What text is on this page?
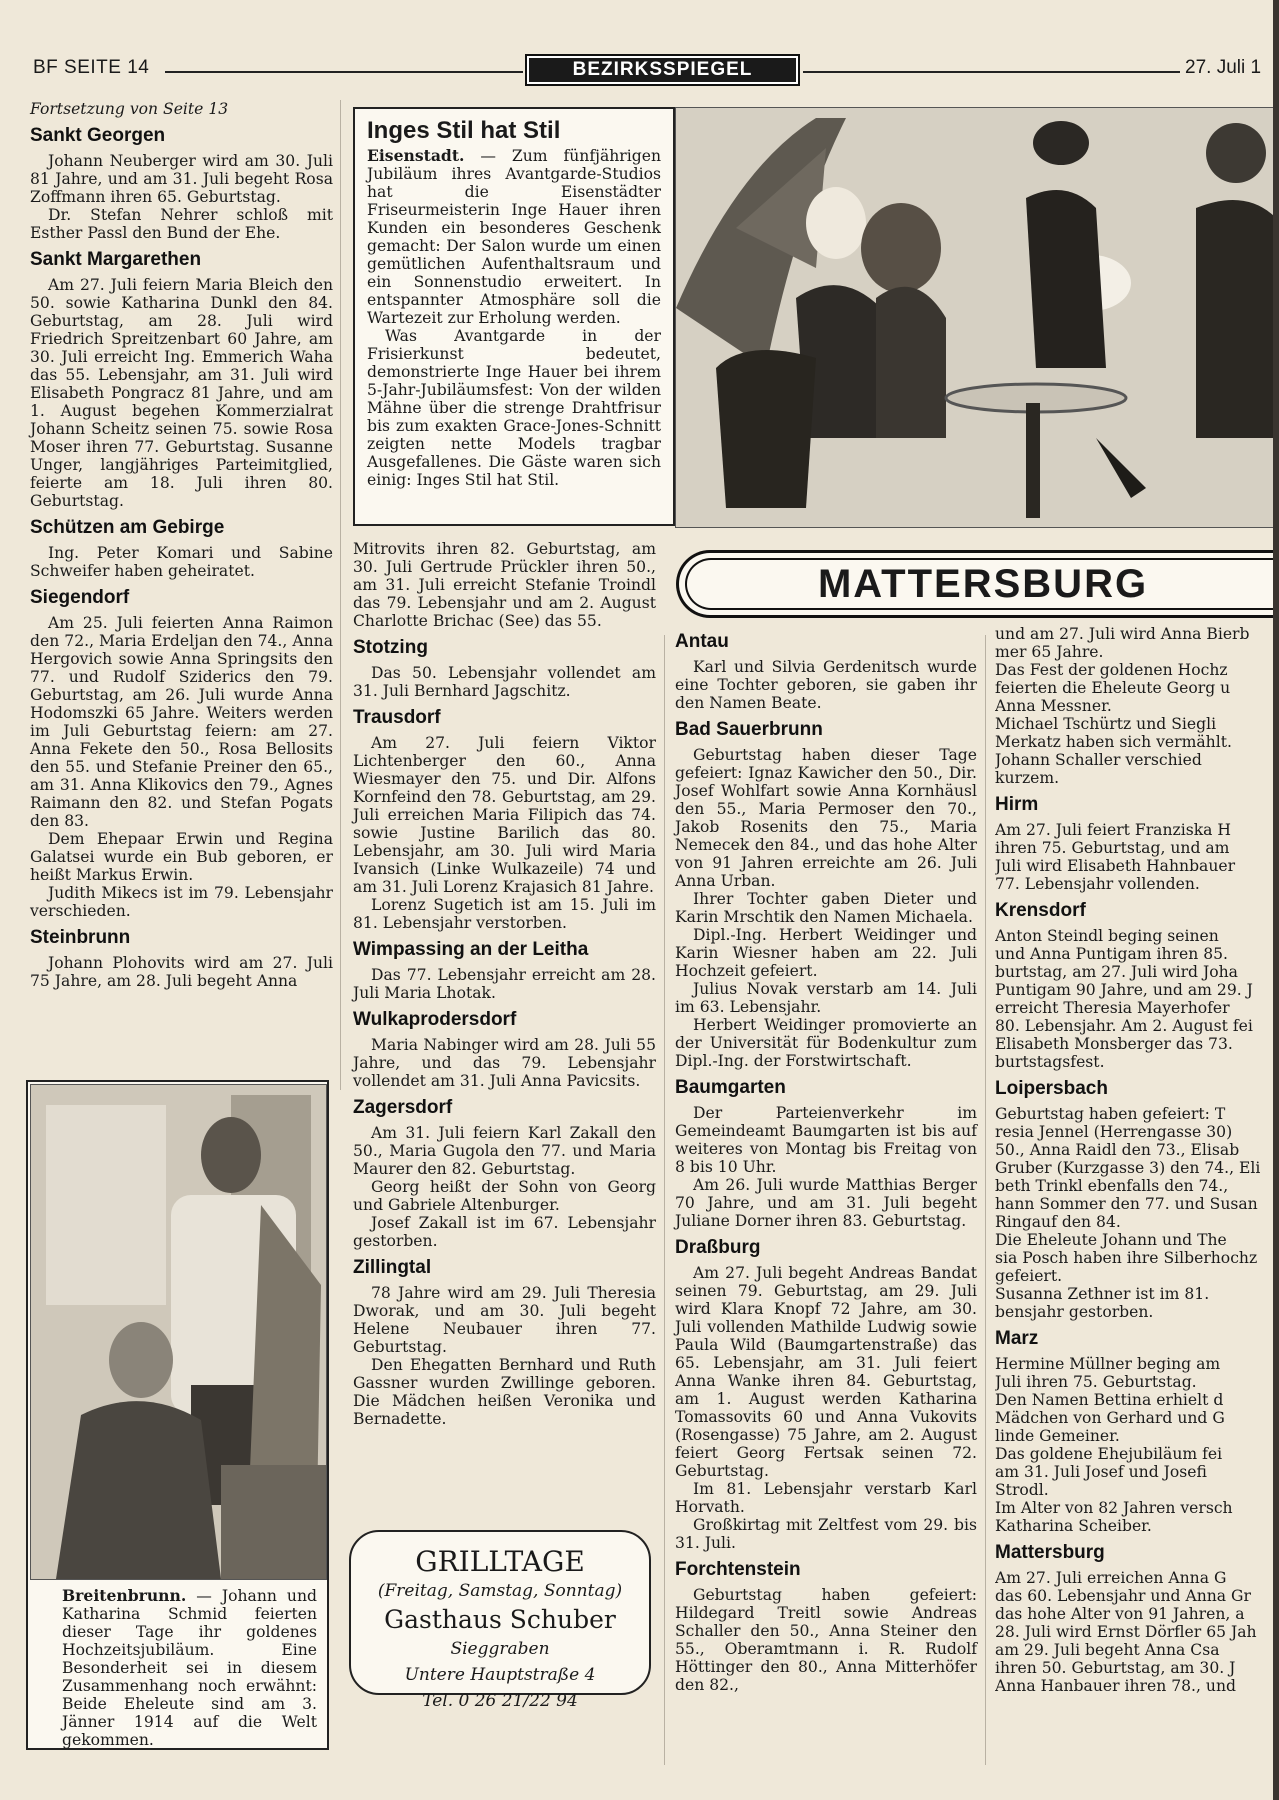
BF SEITE 14	BEZIRKSSPIEGEL	27. Juli 1

Fortsetzung von Seite 13

Sankt Georgen

Johann Neuberger wird am 30. Juli 81 Jahre, und am 31. Juli begeht Rosa Zoffmann ihren 65. Geburtstag.

Dr. Stefan Nehrer schloß mit Esther Passl den Bund der Ehe.

Sankt Margarethen

Am 27. Juli feiern Maria Bleich den 50. sowie Katharina Dunkl den 84. Geburtstag, am 28. Juli wird Friedrich Spreitzenbart 60 Jahre, am 30. Juli erreicht Ing. Emmerich Waha das 55. Lebensjahr, am 31. Juli wird Elisabeth Pongracz 81 Jahre, und am 1. August begehen Kommerzialrat Johann Scheitz seinen 75. sowie Rosa Moser ihren 77. Geburtstag. Susanne Unger, langjähriges Parteimitglied, feierte am 18. Juli ihren 80. Geburtstag.

Schützen am Gebirge

Ing. Peter Komari und Sabine Schweifer haben geheiratet.

Siegendorf

Am 25. Juli feierten Anna Raimon den 72., Maria Erdeljan den 74., Anna Hergovich sowie Anna Springsits den 77. und Rudolf Sziderics den 79. Geburtstag, am 26. Juli wurde Anna Hodomszki 65 Jahre. Weiters werden im Juli Geburtstag feiern: am 27. Anna Fekete den 50., Rosa Bellosits den 55. und Stefanie Preiner den 65., am 31. Anna Klikovics den 79., Agnes Raimann den 82. und Stefan Pogats den 83.

Dem Ehepaar Erwin und Regina Galatsei wurde ein Bub geboren, er heißt Markus Erwin.

Judith Mikecs ist im 79. Lebensjahr verschieden.

Steinbrunn

Johann Plohovits wird am 27. Juli 75 Jahre, am 28. Juli begeht Anna

Breitenbrunn. — Johann und Katharina Schmid feierten dieser Tage ihr goldenes Hochzeitsjubiläum. Eine Besonderheit sei in diesem Zusammenhang noch erwähnt: Beide Eheleute sind am 3. Jänner 1914 auf die Welt gekommen.
Inges Stil hat Stil

Eisenstadt. — Zum fünfjährigen Jubiläum ihres Avantgarde-Studios hat die Eisenstädter Friseurmeisterin Inge Hauer ihren Kunden ein besonderes Geschenk gemacht: Der Salon wurde um einen gemütlichen Aufenthaltsraum und ein Sonnenstudio erweitert. In entspannter Atmosphäre soll die Wartezeit zur Erholung werden.

Was Avantgarde in der Frisierkunst bedeutet, demonstrierte Inge Hauer bei ihrem 5-Jahr-Jubiläumsfest: Von der wilden Mähne über die strenge Drahtfrisur bis zum exakten Grace-Jones-Schnitt zeigten nette Models tragbar Ausgefallenes. Die Gäste waren sich einig: Inges Stil hat Stil.

Mitrovits ihren 82. Geburtstag, am 30. Juli Gertrude Prückler ihren 50., am 31. Juli erreicht Stefanie Troindl das 79. Lebensjahr und am 2. August Charlotte Brichac (See) das 55.

Stotzing

Das 50. Lebensjahr vollendet am 31. Juli Bernhard Jagschitz.

Trausdorf

Am 27. Juli feiern Viktor Lichtenberger den 60., Anna Wiesmayer den 75. und Dir. Alfons Kornfeind den 78. Geburtstag, am 29. Juli erreichen Maria Filipich das 74. sowie Justine Barilich das 80. Lebensjahr, am 30. Juli wird Maria Ivansich (Linke Wulkazeile) 74 und am 31. Juli Lorenz Krajasich 81 Jahre.

Lorenz Sugetich ist am 15. Juli im 81. Lebensjahr verstorben.

Wimpassing an der Leitha

Das 77. Lebensjahr erreicht am 28. Juli Maria Lhotak.

Wulkaprodersdorf

Maria Nabinger wird am 28. Juli 55 Jahre, und das 79. Lebensjahr vollendet am 31. Juli Anna Pavicsits.

Zagersdorf

Am 31. Juli feiern Karl Zakall den 50., Maria Gugola den 77. und Maria Maurer den 82. Geburtstag.

Georg heißt der Sohn von Georg und Gabriele Altenburger.

Josef Zakall ist im 67. Lebensjahr gestorben.

Zillingtal

78 Jahre wird am 29. Juli Theresia Dworak, und am 30. Juli begeht Helene Neubauer ihren 77. Geburtstag.

Den Ehegatten Bernhard und Ruth Gassner wurden Zwillinge geboren. Die Mädchen heißen Veronika und Bernadette.

GRILLTAGE
(Freitag, Samstag, Sonntag)
Gasthaus Schuber
Sieggraben
Untere Hauptstraße 4
Tel. 0 26 21/22 94
MATTERSBURG
Antau

Karl und Silvia Gerdenitsch wurde eine Tochter geboren, sie gaben ihr den Namen Beate.

Bad Sauerbrunn

Geburtstag haben dieser Tage gefeiert: Ignaz Kawicher den 50., Dir. Josef Wohlfart sowie Anna Kornhäusl den 55., Maria Permoser den 70., Jakob Rosenits den 75., Maria Nemecek den 84., und das hohe Alter von 91 Jahren erreichte am 26. Juli Anna Urban.

Ihrer Tochter gaben Dieter und Karin Mrschtik den Namen Michaela.

Dipl.-Ing. Herbert Weidinger und Karin Wiesner haben am 22. Juli Hochzeit gefeiert.

Julius Novak verstarb am 14. Juli im 63. Lebensjahr.

Herbert Weidinger promovierte an der Universität für Bodenkultur zum Dipl.-Ing. der Forstwirtschaft.

Baumgarten

Der Parteienverkehr im Gemeindeamt Baumgarten ist bis auf weiteres von Montag bis Freitag von 8 bis 10 Uhr.

Am 26. Juli wurde Matthias Berger 70 Jahre, und am 31. Juli begeht Juliane Dorner ihren 83. Geburtstag.

Draßburg

Am 27. Juli begeht Andreas Bandat seinen 79. Geburtstag, am 29. Juli wird Klara Knopf 72 Jahre, am 30. Juli vollenden Mathilde Ludwig sowie Paula Wild (Baumgartenstraße) das 65. Lebensjahr, am 31. Juli feiert Anna Wanke ihren 84. Geburtstag, am 1. August werden Katharina Tomassovits 60 und Anna Vukovits (Rosengasse) 75 Jahre, am 2. August feiert Georg Fertsak seinen 72. Geburtstag.

Im 81. Lebensjahr verstarb Karl Horvath.

Großkirtag mit Zeltfest vom 29. bis 31. Juli.

Forchtenstein

Geburtstag haben gefeiert: Hildegard Treitl sowie Andreas Schaller den 50., Anna Steiner den 55., Oberamtmann i. R. Rudolf Höttinger den 80., Anna Mitterhöfer den 82.,

und am 27. Juli wird Anna Bierb

mer 65 Jahre.

Das Fest der goldenen Hochz

feierten die Eheleute Georg u

Anna Messner.

Michael Tschürtz und Siegli

Merkatz haben sich vermählt.

Johann Schaller verschied

kurzem.

Hirm

Am 27. Juli feiert Franziska H

ihren 75. Geburtstag, und am

Juli wird Elisabeth Hahnbauer

77. Lebensjahr vollenden.

Krensdorf

Anton Steindl beging seinen

und Anna Puntigam ihren 85.

burtstag, am 27. Juli wird Joha

Puntigam 90 Jahre, und am 29. J

erreicht Theresia Mayerhofer

80. Lebensjahr. Am 2. August fei

Elisabeth Monsberger das 73.

burtstagsfest.

Loipersbach

Geburtstag haben gefeiert: T

resia Jennel (Herrengasse 30)

50., Anna Raidl den 73., Elisab

Gruber (Kurzgasse 3) den 74., Eli

beth Trinkl ebenfalls den 74.,

hann Sommer den 77. und Susan

Ringauf den 84.

Die Eheleute Johann und The

sia Posch haben ihre Silberhochz

gefeiert.

Susanna Zethner ist im 81.

bensjahr gestorben.

Marz

Hermine Müllner beging am

Juli ihren 75. Geburtstag.

Den Namen Bettina erhielt d

Mädchen von Gerhard und G

linde Gemeiner.

Das goldene Ehejubiläum fei

am 31. Juli Josef und Josefi

Strodl.

Im Alter von 82 Jahren versch

Katharina Scheiber.

Mattersburg

Am 27. Juli erreichen Anna G

das 60. Lebensjahr und Anna Gr

das hohe Alter von 91 Jahren, a

28. Juli wird Ernst Dörfler 65 Jah

am 29. Juli begeht Anna Csa

ihren 50. Geburtstag, am 30. J

Anna Hanbauer ihren 78., und
